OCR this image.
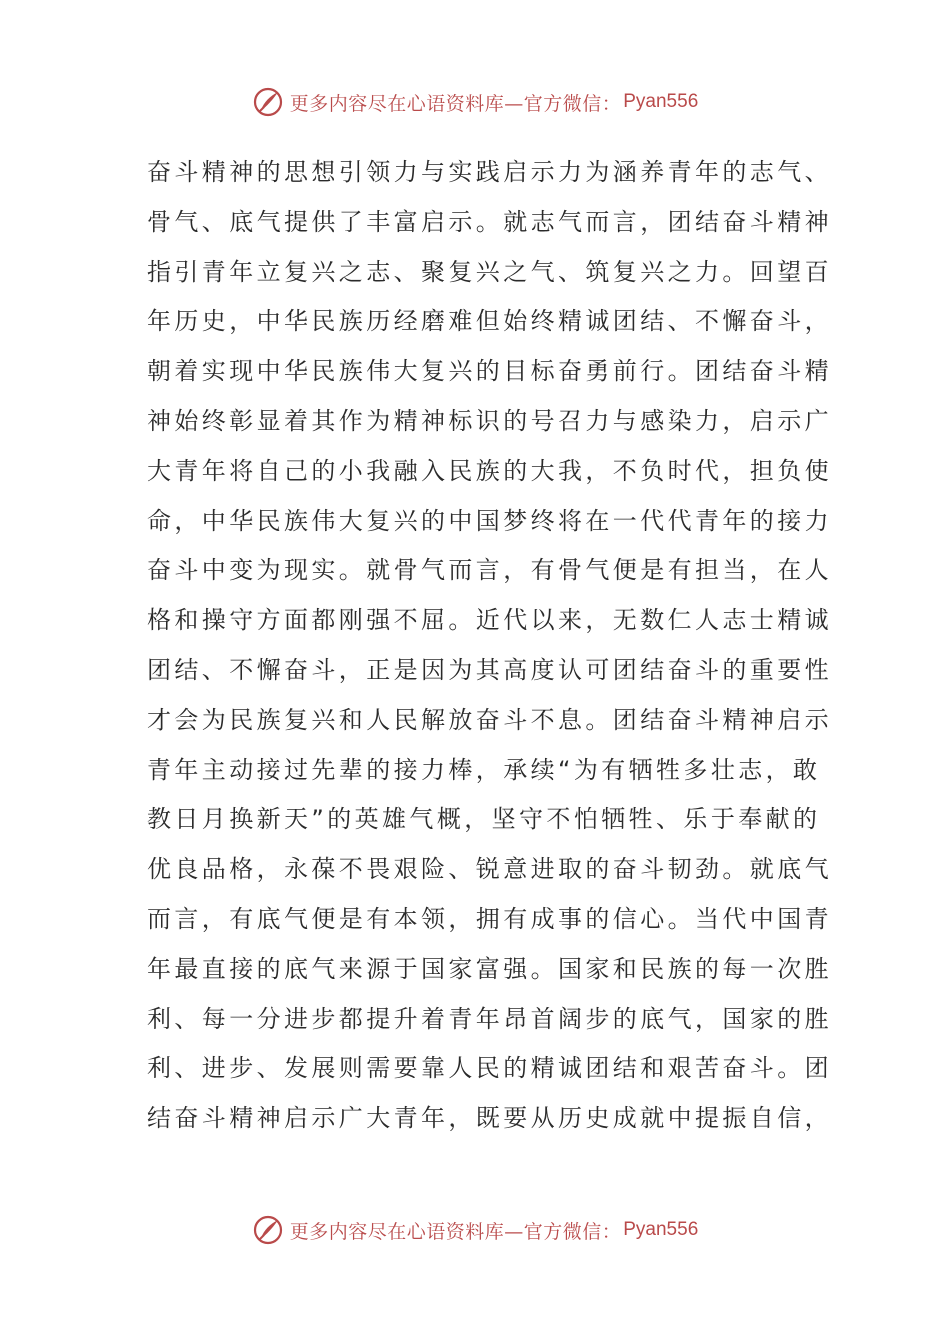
更多内容尽在心语资料库—官方微信： Pyan556
奋斗精神的思想引领力与实践启示力为涵养青年的志气、
骨气、底气提供了丰富启示。就志气而言，团结奋斗精神
指引青年立复兴之志、聚复兴之气、筑复兴之力。回望百
年历史，中华民族历经磨难但始终精诚团结、不懈奋斗，
朝着实现中华民族伟大复兴的目标奋勇前行。团结奋斗精
神始终彰显着其作为精神标识的号召力与感染力，启示广
大青年将自己的小我融入民族的大我，不负时代，担负使
命，中华民族伟大复兴的中国梦终将在一代代青年的接力
奋斗中变为现实。就骨气而言，有骨气便是有担当，在人
格和操守方面都刚强不屈。近代以来，无数仁人志士精诚
团结、不懈奋斗，正是因为其高度认可团结奋斗的重要性
才会为民族复兴和人民解放奋斗不息。团结奋斗精神启示
青年主动接过先辈的接力棒，承续“为有牺牲多壮志，敢
教日月换新天”的英雄气概，坚守不怕牺牲、乐于奉献的
优良品格，永葆不畏艰险、锐意进取的奋斗韧劲。就底气
而言，有底气便是有本领，拥有成事的信心。当代中国青
年最直接的底气来源于国家富强。国家和民族的每一次胜
利、每一分进步都提升着青年昂首阔步的底气，国家的胜
利、进步、发展则需要靠人民的精诚团结和艰苦奋斗。团
结奋斗精神启示广大青年，既要从历史成就中提振自信，
更多内容尽在心语资料库—官方微信： Pyan556
